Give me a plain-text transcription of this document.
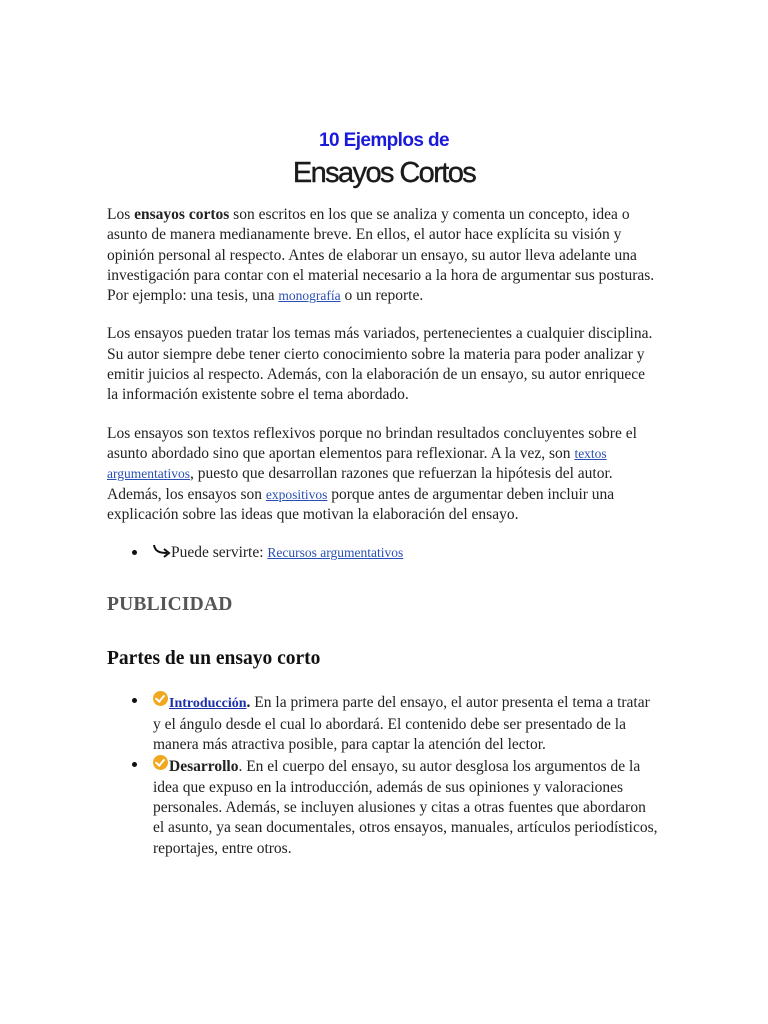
10 Ejemplos de
Ensayos Cortos

Los ensayos cortos son escritos en los que se analiza y comenta un concepto, idea o asunto de manera medianamente breve. En ellos, el autor hace explícita su visión y opinión personal al respecto. Antes de elaborar un ensayo, su autor lleva adelante una investigación para contar con el material necesario a la hora de argumentar sus posturas. Por ejemplo: una tesis, una monografía o un reporte.

Los ensayos pueden tratar los temas más variados, pertenecientes a cualquier disciplina. Su autor siempre debe tener cierto conocimiento sobre la materia para poder analizar y emitir juicios al respecto. Además, con la elaboración de un ensayo, su autor enriquece la información existente sobre el tema abordado.

Los ensayos son textos reflexivos porque no brindan resultados concluyentes sobre el asunto abordado sino que aportan elementos para reflexionar. A la vez, son textos argumentativos, puesto que desarrollan razones que refuerzan la hipótesis del autor. Además, los ensayos son expositivos porque antes de argumentar deben incluir una explicación sobre las ideas que motivan la elaboración del ensayo.

Puede servirte: Recursos argumentativos
PUBLICIDAD
Partes de un ensayo corto
Introducción. En la primera parte del ensayo, el autor presenta el tema a tratar y el ángulo desde el cual lo abordará. El contenido debe ser presentado de la manera más atractiva posible, para captar la atención del lector.
Desarrollo. En el cuerpo del ensayo, su autor desglosa los argumentos de la idea que expuso en la introducción, además de sus opiniones y valoraciones personales. Además, se incluyen alusiones y citas a otras fuentes que abordaron el asunto, ya sean documentales, otros ensayos, manuales, artículos periodísticos, reportajes, entre otros.
